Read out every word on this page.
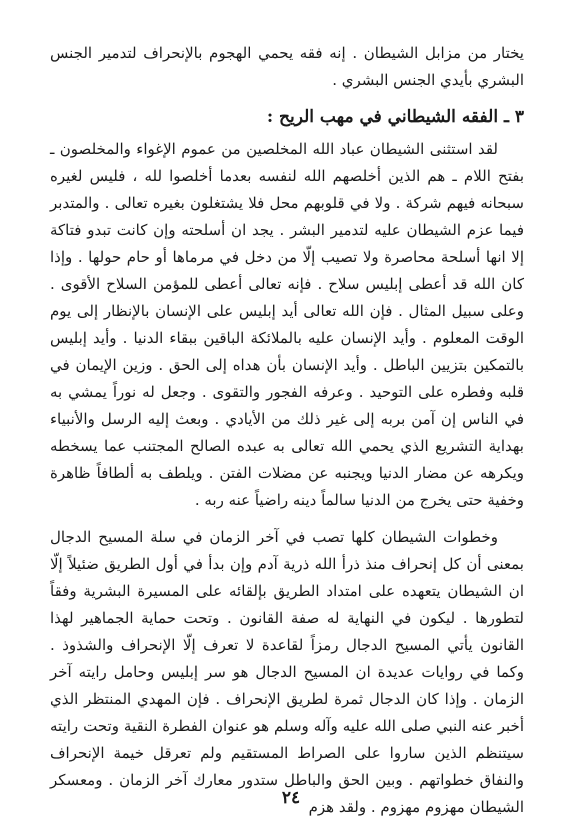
يختار من مزابل الشيطان . إنه فقه يحمي الهجوم بالإنحراف لتدمير الجنس البشري بأيدي الجنس البشري .

٣ ـ الفقه الشيطاني في مهب الريح :

لقد استثنى الشيطان عباد الله المخلصين من عموم الإغواء والمخلصون ـ بفتح اللام ـ هم الذين أخلصهم الله لنفسه بعدما أخلصوا لله ، فليس لغيره سبحانه فيهم شركة . ولا في قلوبهم محل فلا يشتغلون بغيره تعالى . والمتدبر فيما عزم الشيطان عليه لتدمير البشر . يجد ان أسلحته وإن كانت تبدو فتاكة إلا انها أسلحة محاصرة ولا تصيب إلّا من دخل في مرماها أو حام حولها . وإذا كان الله قد أعطى إبليس سلاح . فإنه تعالى أعطى للمؤمن السلاح الأقوى . وعلى سبيل المثال . فإن الله تعالى أيد إبليس على الإنسان بالإنظار إلى يوم الوقت المعلوم . وأيد الإنسان عليه بالملائكة الباقين ببقاء الدنيا . وأيد إبليس بالتمكين بتزيين الباطل . وأيد الإنسان بأن هداه إلى الحق . وزين الإيمان في قلبه وفطره على التوحيد . وعرفه الفجور والتقوى . وجعل له نوراً يمشي به في الناس إن آمن بربه إلى غير ذلك من الأيادي . وبعث إليه الرسل والأنبياء بهداية التشريع الذي يحمي الله تعالى به عبده الصالح المجتنب عما يسخطه ويكرهه عن مضار الدنيا ويجنبه عن مضلات الفتن . ويلطف به ألطافاً ظاهرة وخفية حتى يخرج من الدنيا سالماً دينه راضياً عنه ربه .

وخطوات الشيطان كلها تصب في آخر الزمان في سلة المسيح الدجال بمعنى أن كل إنحراف منذ ذرأ الله ذرية آدم وإن بدأ في أول الطريق ضئيلاً إلّا ان الشيطان يتعهده على امتداد الطريق بإلقائه على المسيرة البشرية وفقاً لتطورها . ليكون في النهاية له صفة القانون . وتحت حماية الجماهير لهذا القانون يأتي المسيح الدجال رمزاً لقاعدة لا تعرف إلّا الإنحراف والشذوذ . وكما في روايات عديدة ان المسيح الدجال هو سر إبليس وحامل رايته آخر الزمان . وإذا كان الدجال ثمرة لطريق الإنحراف . فإن المهدي المنتظر الذي أخبر عنه النبي صلى الله عليه وآله وسلم هو عنوان الفطرة النقية وتحت رايته سيتنظم الذين ساروا على الصراط المستقيم ولم تعرقل خيمة الإنحراف والنفاق خطواتهم . وبين الحق والباطل ستدور معارك آخر الزمان . ومعسكر الشيطان مهزوم مهزوم . ولقد هزم

٢٤
